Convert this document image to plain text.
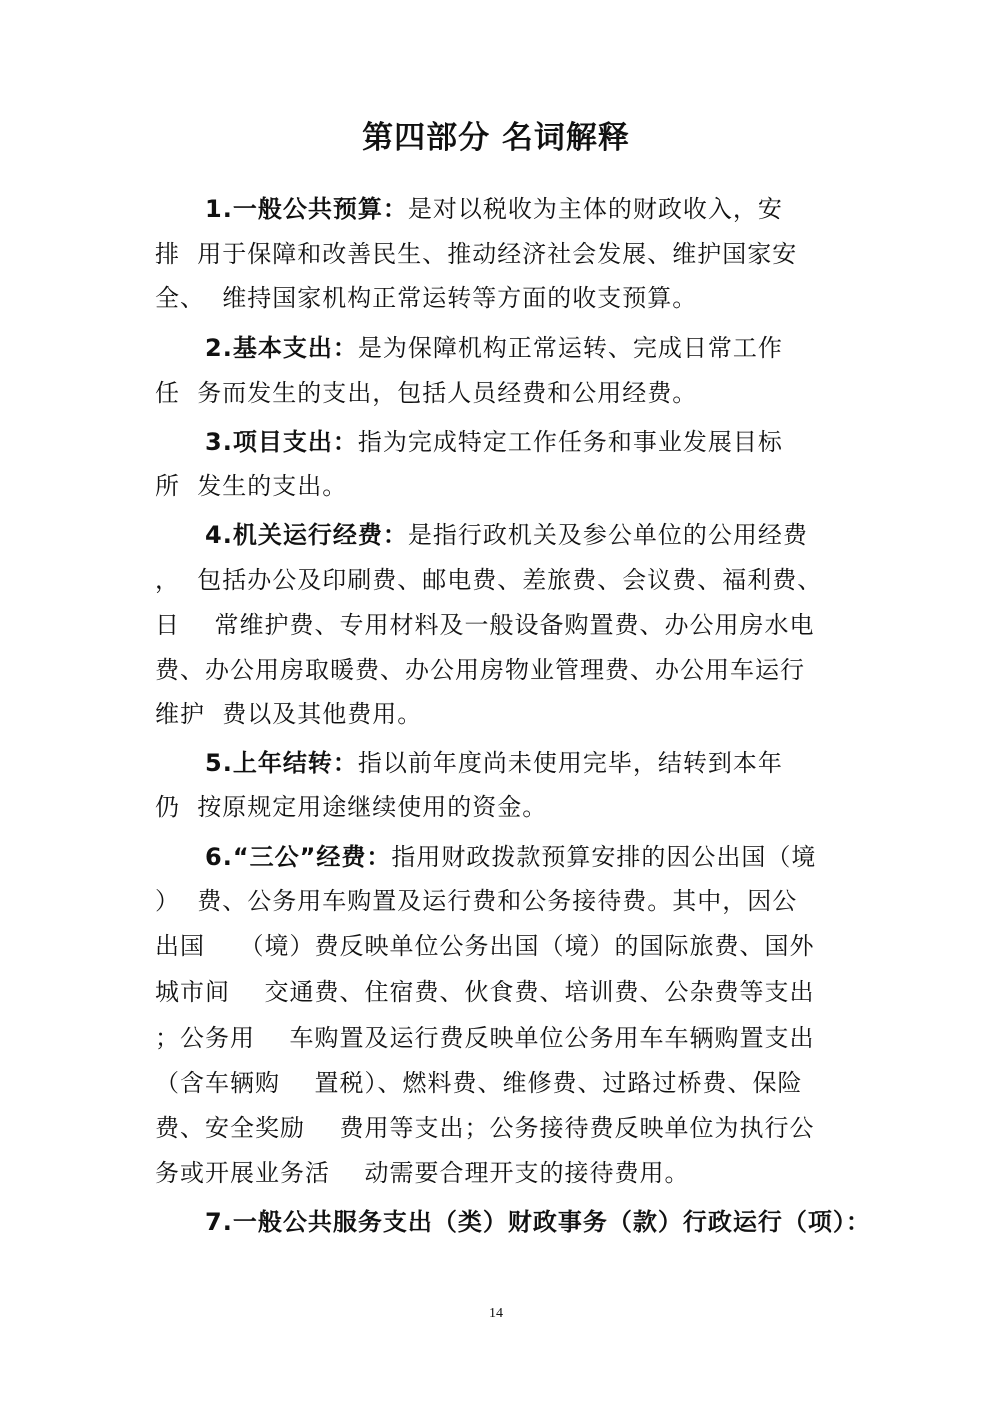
第四部分 名词解释
1.一般公共预算：是对以税收为主体的财政收入，安
排  用于保障和改善民生、推动经济社会发展、维护国家安
全、  维持国家机构正常运转等方面的收支预算。
2.基本支出：是为保障机构正常运转、完成日常工作
任  务而发生的支出，包括人员经费和公用经费。
3.项目支出：指为完成特定工作任务和事业发展目标
所  发生的支出。
4.机关运行经费：是指行政机关及参公单位的公用经费
，  包括办公及印刷费、邮电费、差旅费、会议费、福利费、
日    常维护费、专用材料及一般设备购置费、办公用房水电
费、办公用房取暖费、办公用房物业管理费、办公用车运行
维护  费以及其他费用。
5.上年结转：指以前年度尚未使用完毕，结转到本年
仍  按原规定用途继续使用的资金。
6.“三公”经费：指用财政拨款预算安排的因公出国（境
）  费、公务用车购置及运行费和公务接待费。其中，因公
出国    （境）费反映单位公务出国（境）的国际旅费、国外
城市间    交通费、住宿费、伙食费、培训费、公杂费等支出
；公务用    车购置及运行费反映单位公务用车车辆购置支出
（含车辆购    置税）、燃料费、维修费、过路过桥费、保险
费、安全奖励    费用等支出；公务接待费反映单位为执行公
务或开展业务活    动需要合理开支的接待费用。
7.一般公共服务支出（类）财政事务（款）行政运行（项）：
14
